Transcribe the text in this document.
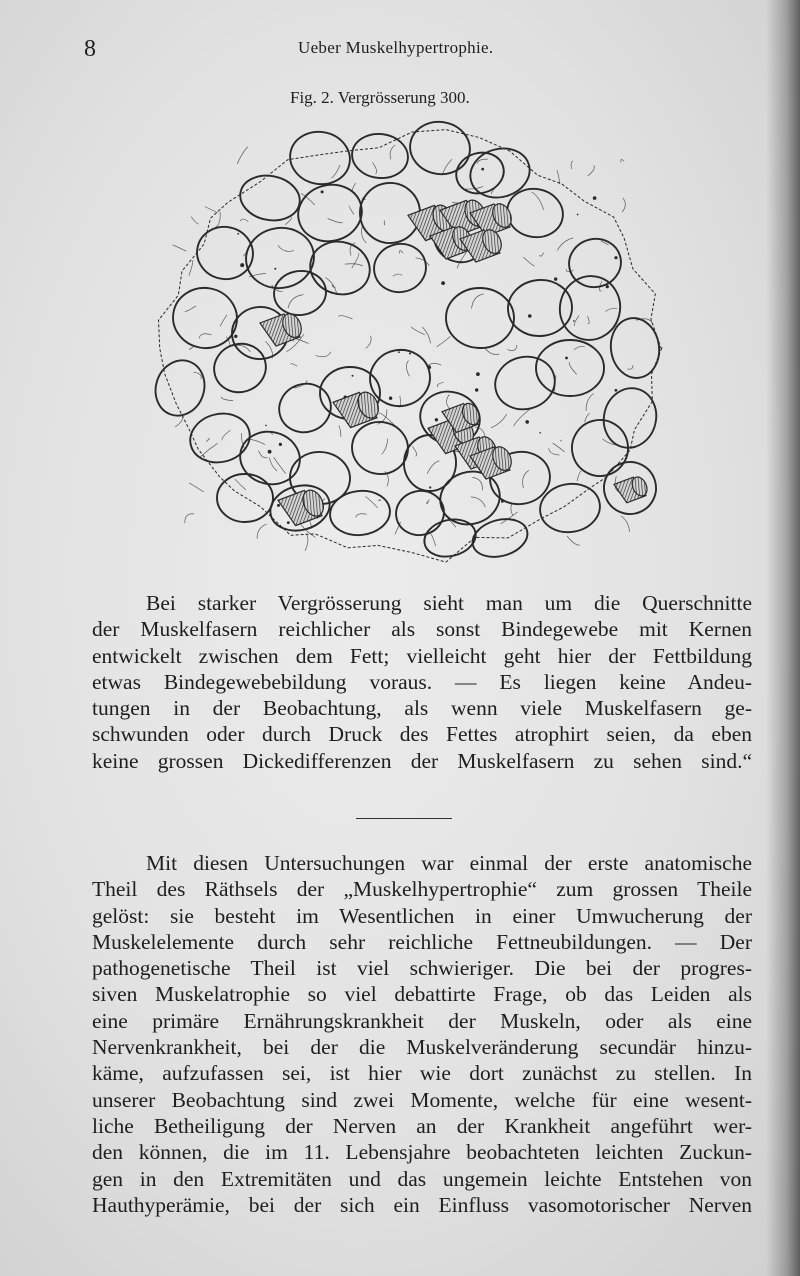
8	Ueber Muskelhypertrophie.
Fig. 2. Vergrösserung 300.
Bei starker Vergrösserung sieht man um die Querschnitte
der Muskelfasern reichlicher als sonst Bindegewebe mit Kernen
entwickelt zwischen dem Fett; vielleicht geht hier der Fettbildung
etwas Bindegewebebildung voraus. — Es liegen keine Andeu-
tungen in der Beobachtung, als wenn viele Muskelfasern ge-
schwunden oder durch Druck des Fettes atrophirt seien, da eben
keine grossen Dickedifferenzen der Muskelfasern zu sehen sind.“
Mit diesen Untersuchungen war einmal der erste anatomische
Theil des Räthsels der „Muskelhypertrophie“ zum grossen Theile
gelöst: sie besteht im Wesentlichen in einer Umwucherung der
Muskelelemente durch sehr reichliche Fettneubildungen. — Der
pathogenetische Theil ist viel schwieriger. Die bei der progres-
siven Muskelatrophie so viel debattirte Frage, ob das Leiden als
eine primäre Ernährungskrankheit der Muskeln, oder als eine
Nervenkrankheit, bei der die Muskelveränderung secundär hinzu-
käme, aufzufassen sei, ist hier wie dort zunächst zu stellen. In
unserer Beobachtung sind zwei Momente, welche für eine wesent-
liche Betheiligung der Nerven an der Krankheit angeführt wer-
den können, die im 11. Lebensjahre beobachteten leichten Zuckun-
gen in den Extremitäten und das ungemein leichte Entstehen von
Hauthyperämie, bei der sich ein Einfluss vasomotorischer Nerven
